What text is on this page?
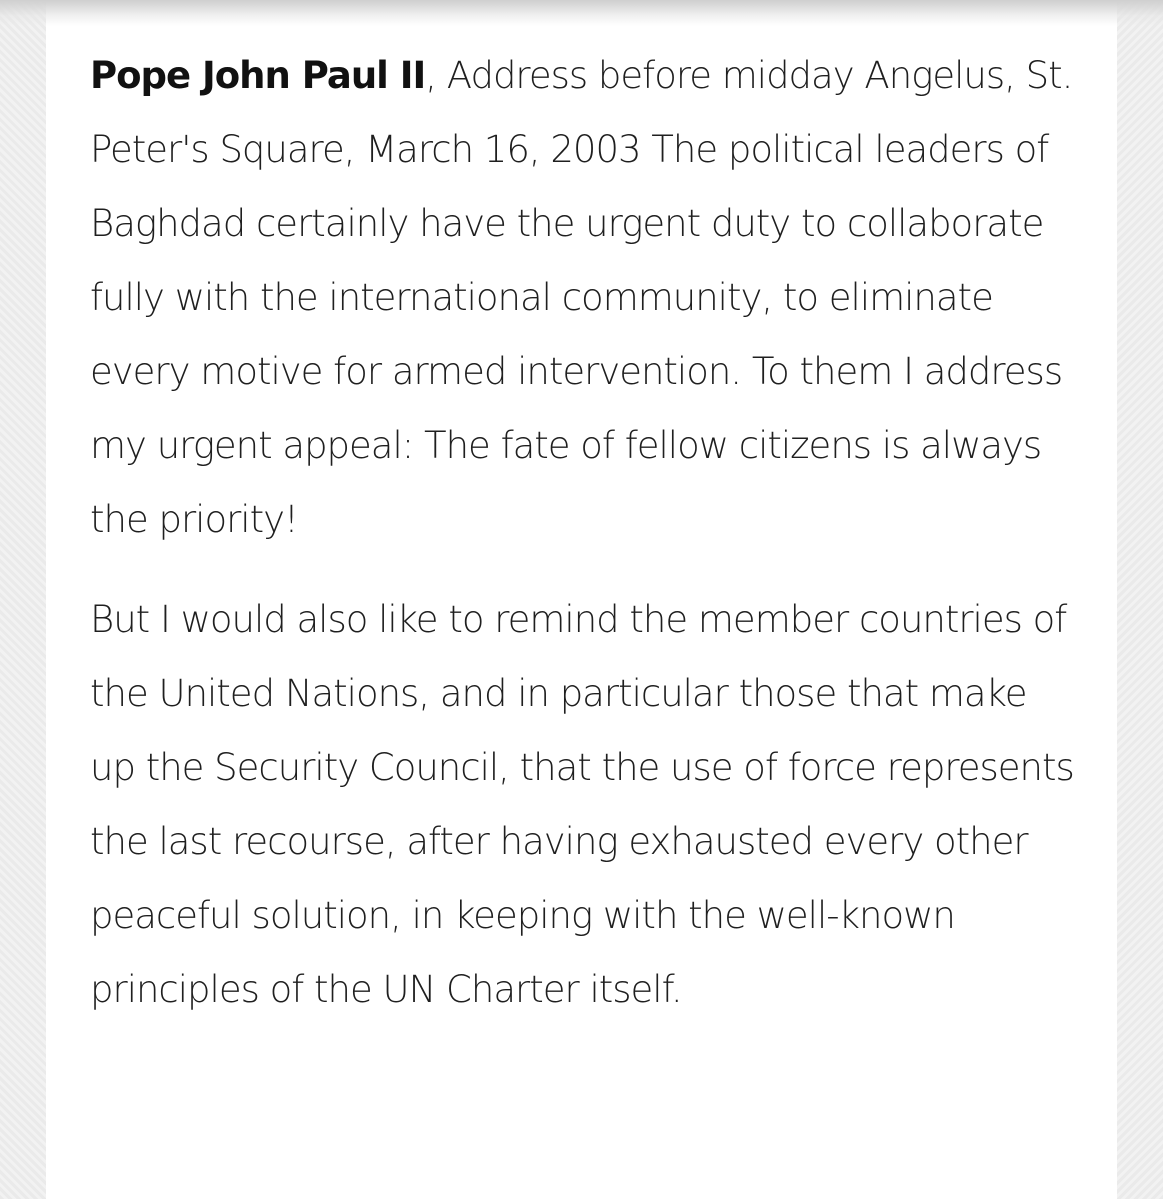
Pope John Paul II, Address before midday Angelus, St. Peter's Square, March 16, 2003 The political leaders of Baghdad certainly have the urgent duty to collaborate fully with the international community, to eliminate every motive for armed intervention. To them I address my urgent appeal: The fate of fellow citizens is always the priority!

But I would also like to remind the member countries of the United Nations, and in particular those that make up the Security Council, that the use of force represents the last recourse, after having exhausted every other peaceful solution, in keeping with the well-known principles of the UN Charter itself.
